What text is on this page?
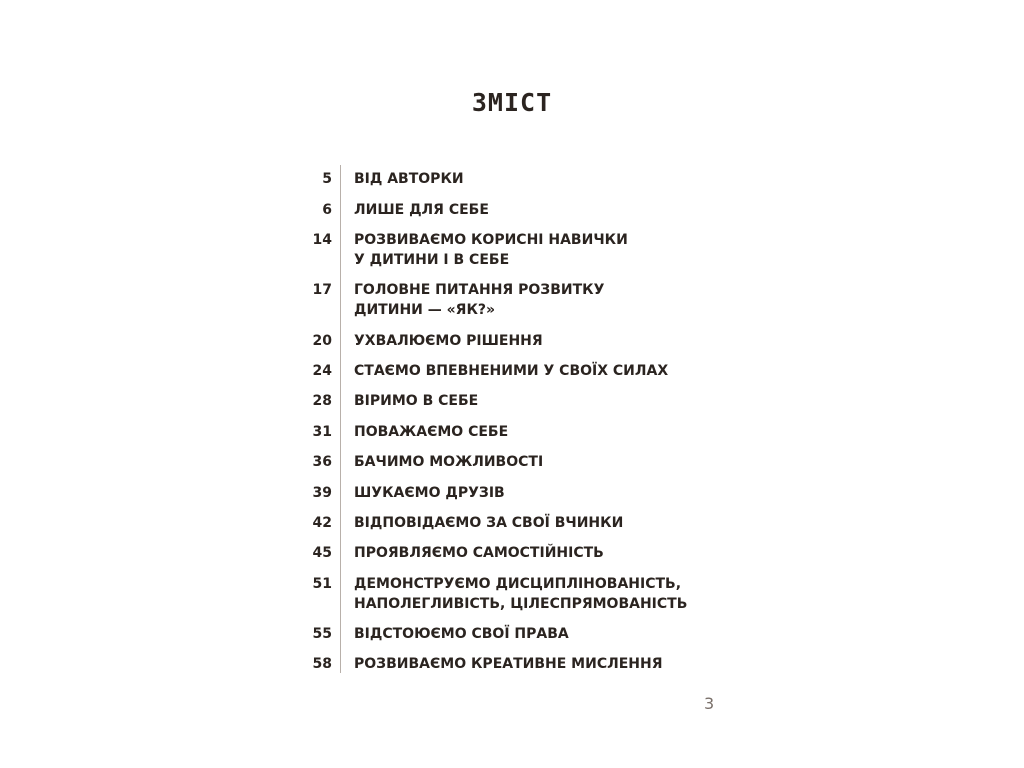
ЗМІСТ
5 ВІД АВТОРКИ
6 ЛИШЕ ДЛЯ СЕБЕ
14 РОЗВИВАЄМО КОРИСНІ НАВИЧКИ
У ДИТИНИ І В СЕБЕ
17 ГОЛОВНЕ ПИТАННЯ РОЗВИТКУ
ДИТИНИ — «ЯК?»
20 УХВАЛЮЄМО РІШЕННЯ
24 СТАЄМО ВПЕВНЕНИМИ У СВОЇХ СИЛАХ
28 ВІРИМО В СЕБЕ
31 ПОВАЖАЄМО СЕБЕ
36 БАЧИМО МОЖЛИВОСТІ
39 ШУКАЄМО ДРУЗІВ
42 ВІДПОВІДАЄМО ЗА СВОЇ ВЧИНКИ
45 ПРОЯВЛЯЄМО САМОСТІЙНІСТЬ
51 ДЕМОНСТРУЄМО ДИСЦИПЛІНОВАНІСТЬ,
НАПОЛЕГЛИВІСТЬ, ЦІЛЕСПРЯМОВАНІСТЬ
55 ВІДСТОЮЄМО СВОЇ ПРАВА
58 РОЗВИВАЄМО КРЕАТИВНЕ МИСЛЕННЯ
3
